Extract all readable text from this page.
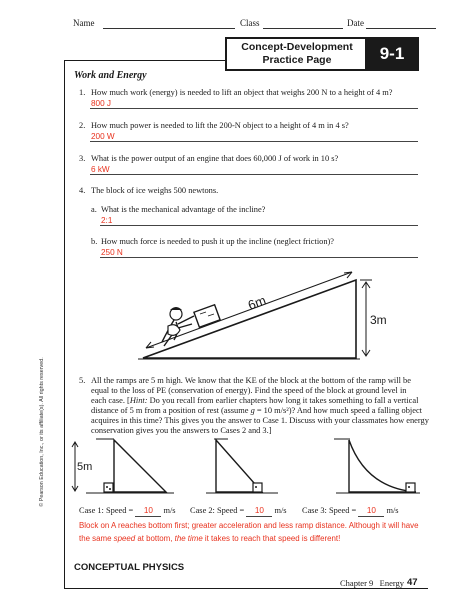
Name	Class	Date
Concept-Development
Practice Page	9-1
Work and Energy
1. How much work (energy) is needed to lift an object that weighs 200 N to a height of 4 m?
800 J
2. How much power is needed to lift the 200-N object to a height of 4 m in 4 s?
200 W
3. What is the power output of an engine that does 60,000 J of work in 10 s?
6 kW
4. The block of ice weighs 500 newtons.
a. What is the mechanical advantage of the incline?
2:1
b. How much force is needed to push it up the incline (neglect friction)?
250 N
6m
3m
5. All the ramps are 5 m high. We know that the KE of the block at the bottom of the ramp will be
equal to the loss of PE (conservation of energy). Find the speed of the block at ground level in
each case. [Hint: Do you recall from earlier chapters how long it takes something to fall a vertical
distance of 5 m from a position of rest (assume g = 10 m/s²)? And how much speed a falling object
acquires in this time? This gives you the answer to Case 1. Discuss with your classmates how energy
conservation gives you the answers to Cases 2 and 3.]
5m
Case 1: Speed = 10 m/s Case 2: Speed = 10 m/s Case 3: Speed = 10 m/s
Block on A reaches bottom first; greater acceleration and less ramp distance. Although it will have
the same speed at bottom, the time it takes to reach that speed is different!
© Pearson Education, Inc., or its affiliate(s). All rights reserved.
CONCEPTUAL PHYSICS
Chapter 9   Energy 47
